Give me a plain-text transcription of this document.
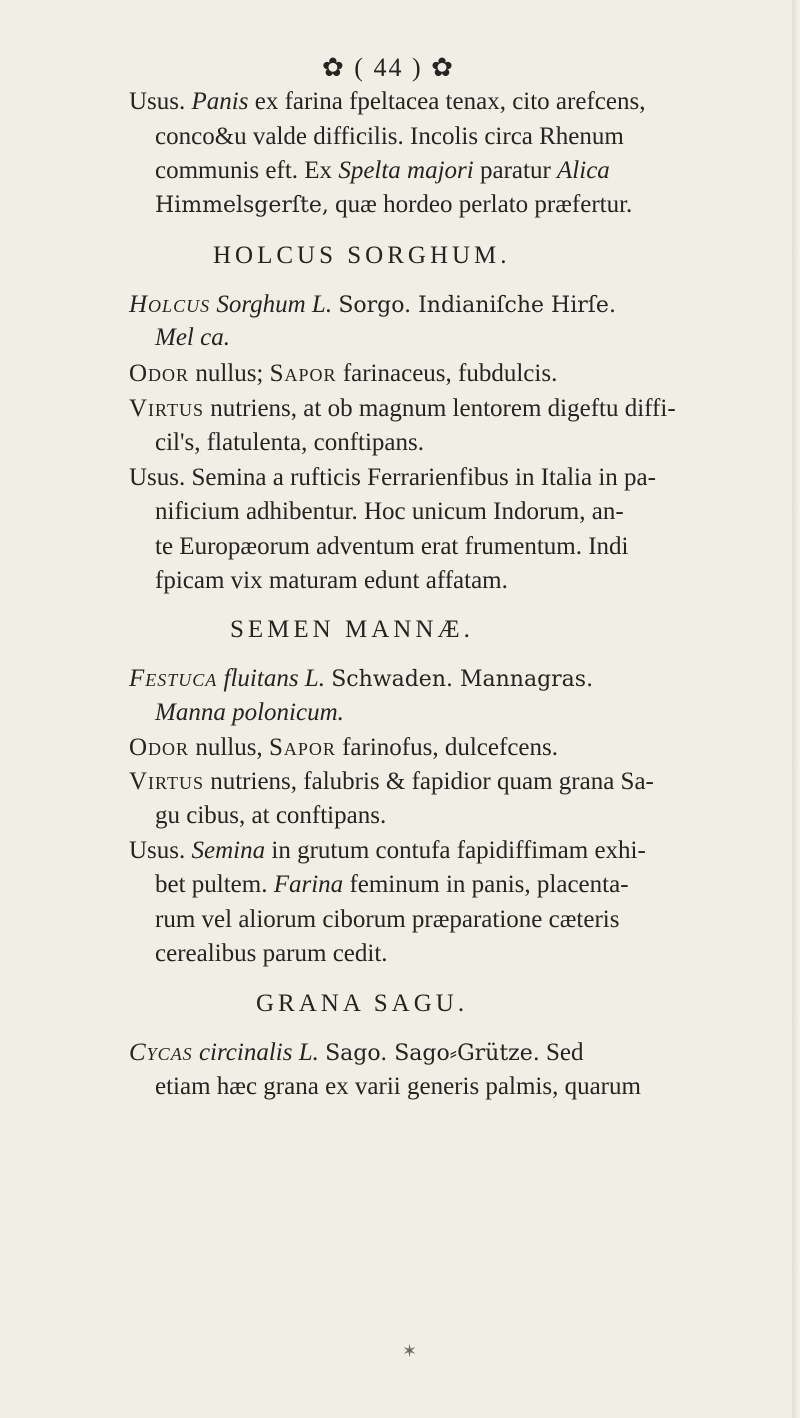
✿ ( 44 ) ✿
Usus. Panis ex farina fpeltacea tenax, cito arefcens,
conco&u valde difficilis. Incolis circa Rhenum
communis eft. Ex Spelta majori paratur Alica
Himmelsgerſte, quæ hordeo perlato præfertur.
HOLCUS SORGHUM.
Holcus Sorghum L. Sorgo. Indianiſche Hirſe.
Mel ca.
Odor nullus; Sapor farinaceus, fubdulcis.
Virtus nutriens, at ob magnum lentorem digeftu diffi-
cil's, flatulenta, conftipans.
Usus. Semina a rufticis Ferrarienfibus in Italia in pa-
nificium adhibentur. Hoc unicum Indorum, an-
te Europæorum adventum erat frumentum. Indi
fpicam vix maturam edunt affatam.
SEMEN MANNÆ.
Festuca fluitans L. Schwaden. Mannagras.
Manna polonicum.
Odor nullus, Sapor farinofus, dulcefcens.
Virtus nutriens, falubris & fapidior quam grana Sa-
gu cibus, at conftipans.
Usus. Semina in grutum contufa fapidiffimam exhi-
bet pultem. Farina feminum in panis, placenta-
rum vel aliorum ciborum præparatione cæteris
cerealibus parum cedit.
GRANA SAGU.
Cycas circinalis L. Sago. Sago⸗Grütze. Sed
etiam hæc grana ex varii generis palmis, quarum
✶
